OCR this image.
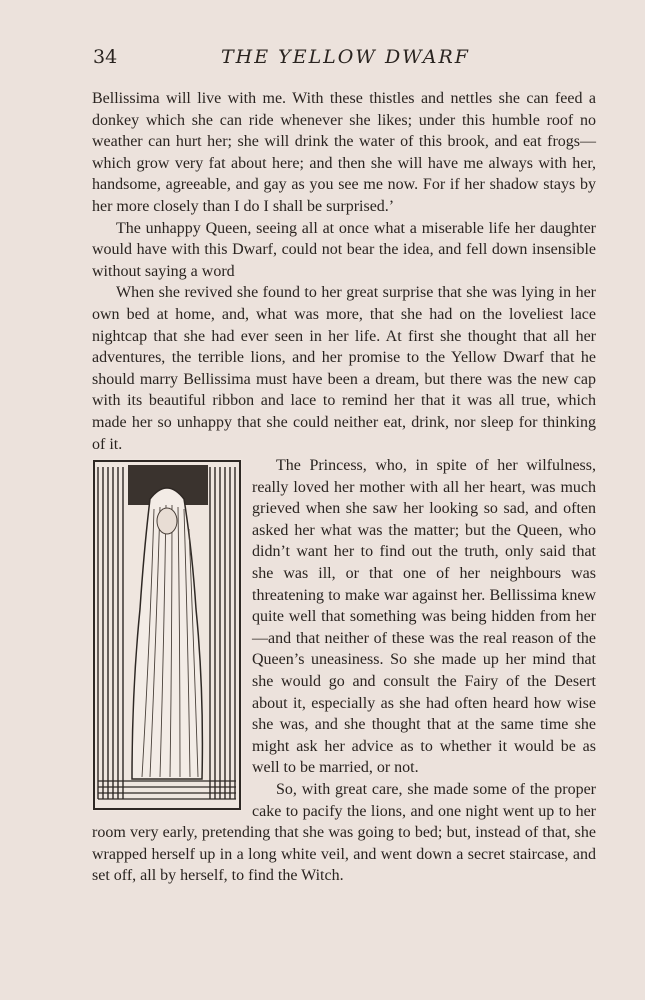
34	THE YELLOW DWARF

Bellissima will live with me. With these thistles and nettles she can feed a donkey which she can ride whenever she likes; under this humble roof no weather can hurt her; she will drink the water of this brook, and eat frogs—which grow very fat about here; and then she will have me always with her, handsome, agreeable, and gay as you see me now. For if her shadow stays by her more closely than I do I shall be surprised.’

The unhappy Queen, seeing all at once what a miserable life her daughter would have with this Dwarf, could not bear the idea, and fell down insensible without saying a word

When she revived she found to her great surprise that she was lying in her own bed at home, and, what was more, that she had on the loveliest lace nightcap that she had ever seen in her life. At first she thought that all her adventures, the terrible lions, and her promise to the Yellow Dwarf that he should marry Bellissima must have been a dream, but there was the new cap with its beautiful ribbon and lace to remind her that it was all true, which made her so unhappy that she could neither eat, drink, nor sleep for thinking of it.

The Princess, who, in spite of her wilfulness, really loved her mother with all her heart, was much grieved when she saw her looking so sad, and often asked her what was the matter; but the Queen, who didn’t want her to find out the truth, only said that she was ill, or that one of her neighbours was threatening to make war against her. Bellissima knew quite well that something was being hidden from her—and that neither of these was the real reason of the Queen’s uneasiness. So she made up her mind that she would go and consult the Fairy of the Desert about it, especially as she had often heard how wise she was, and she thought that at the same time she might ask her advice as to whether it would be as well to be married, or not.

So, with great care, she made some of the proper cake to pacify the lions, and one night went up to her room very early, pretending that she was going to bed; but, instead of that, she wrapped herself up in a long white veil, and went down a secret staircase, and set off, all by herself, to find the Witch.
